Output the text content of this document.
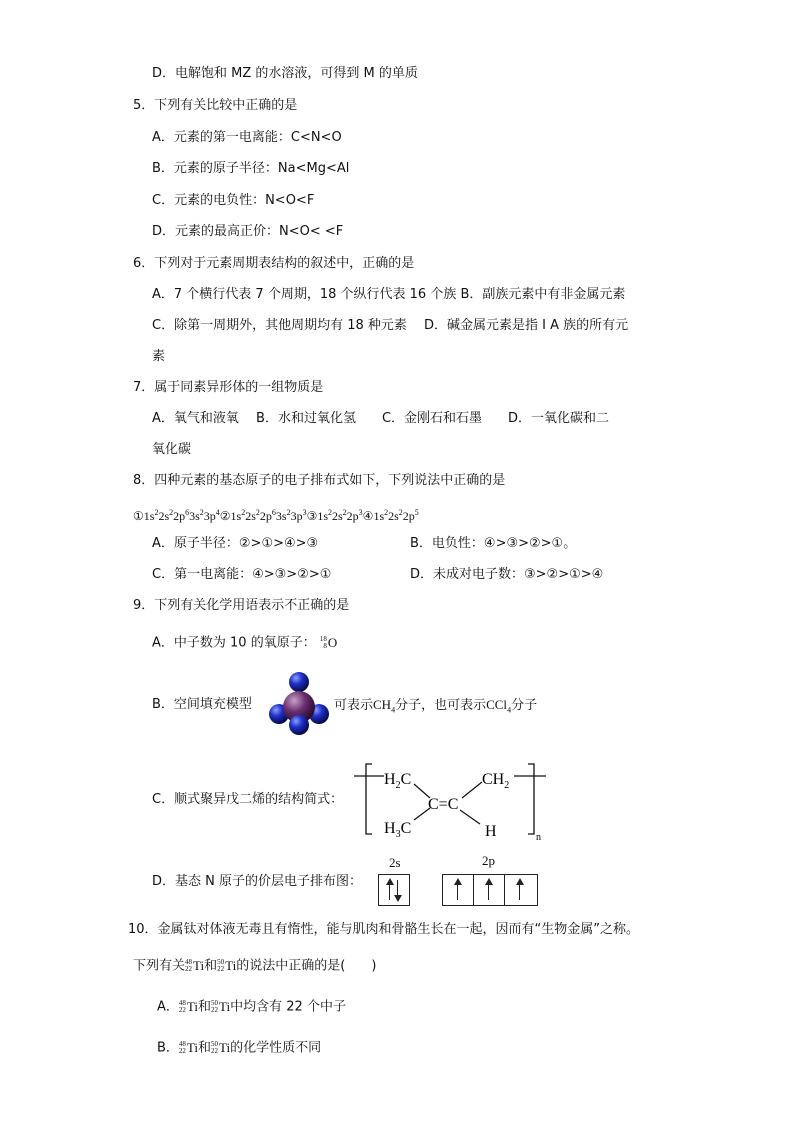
D．电解饱和 MZ 的水溶液，可得到 M 的单质
5．下列有关比较中正确的是
A．元素的第一电离能：C<N<O
B．元素的原子半径：Na<Mg<Al
C．元素的电负性：N<O<F
D．元素的最高正价：N<O< <F
6．下列对于元素周期表结构的叙述中，正确的是
A．7 个横行代表 7 个周期，18 个纵行代表 16 个族 B．副族元素中有非金属元素
C．除第一周期外，其他周期均有 18 种元素　 D．碱金属元素是指 I A 族的所有元
素
7．属于同素异形体的一组物质是
A．氧气和液氧　 B．水和过氧化氢　　C．金刚石和石墨　　D．一氧化碳和二
氧化碳
8．四种元素的基态原子的电子排布式如下，下列说法中正确的是
$①1s^22s^22p^63s^23p^4②1s^22s^22p^63s^23p^3③1s^22s^22p^3④1s^22s^22p^5$
A．原子半径：②>①>④>③	B．电负性：④>③>②>①。
C．第一电离能：④>③>②>①	D．未成对电子数：③>②>①>④
9．下列有关化学用语表示不正确的是
A．中子数为 10 的氧原子： 18
8 O
B．空间填充模型	可表示$CH_4$分子，也可表示CCl$_4$分子
C．顺式聚异戊二烯的结构简式：
$H_2C$	$CH_2$
C=C
$H_3C$	H	n
D．基态 N 原子的价层电子排布图：
2s	2p
10．金属钛对体液无毒且有惰性，能与肌肉和骨骼生长在一起，因而有“生物金属”之称。
下列有关 48
22 Ti 和 50
22 Ti 的说法中正确的是(　　)
A． 48
22 Ti 和 50
22 Ti 中均含有 22 个中子
B． 48
22 Ti 和 50
22 Ti 的化学性质不同
